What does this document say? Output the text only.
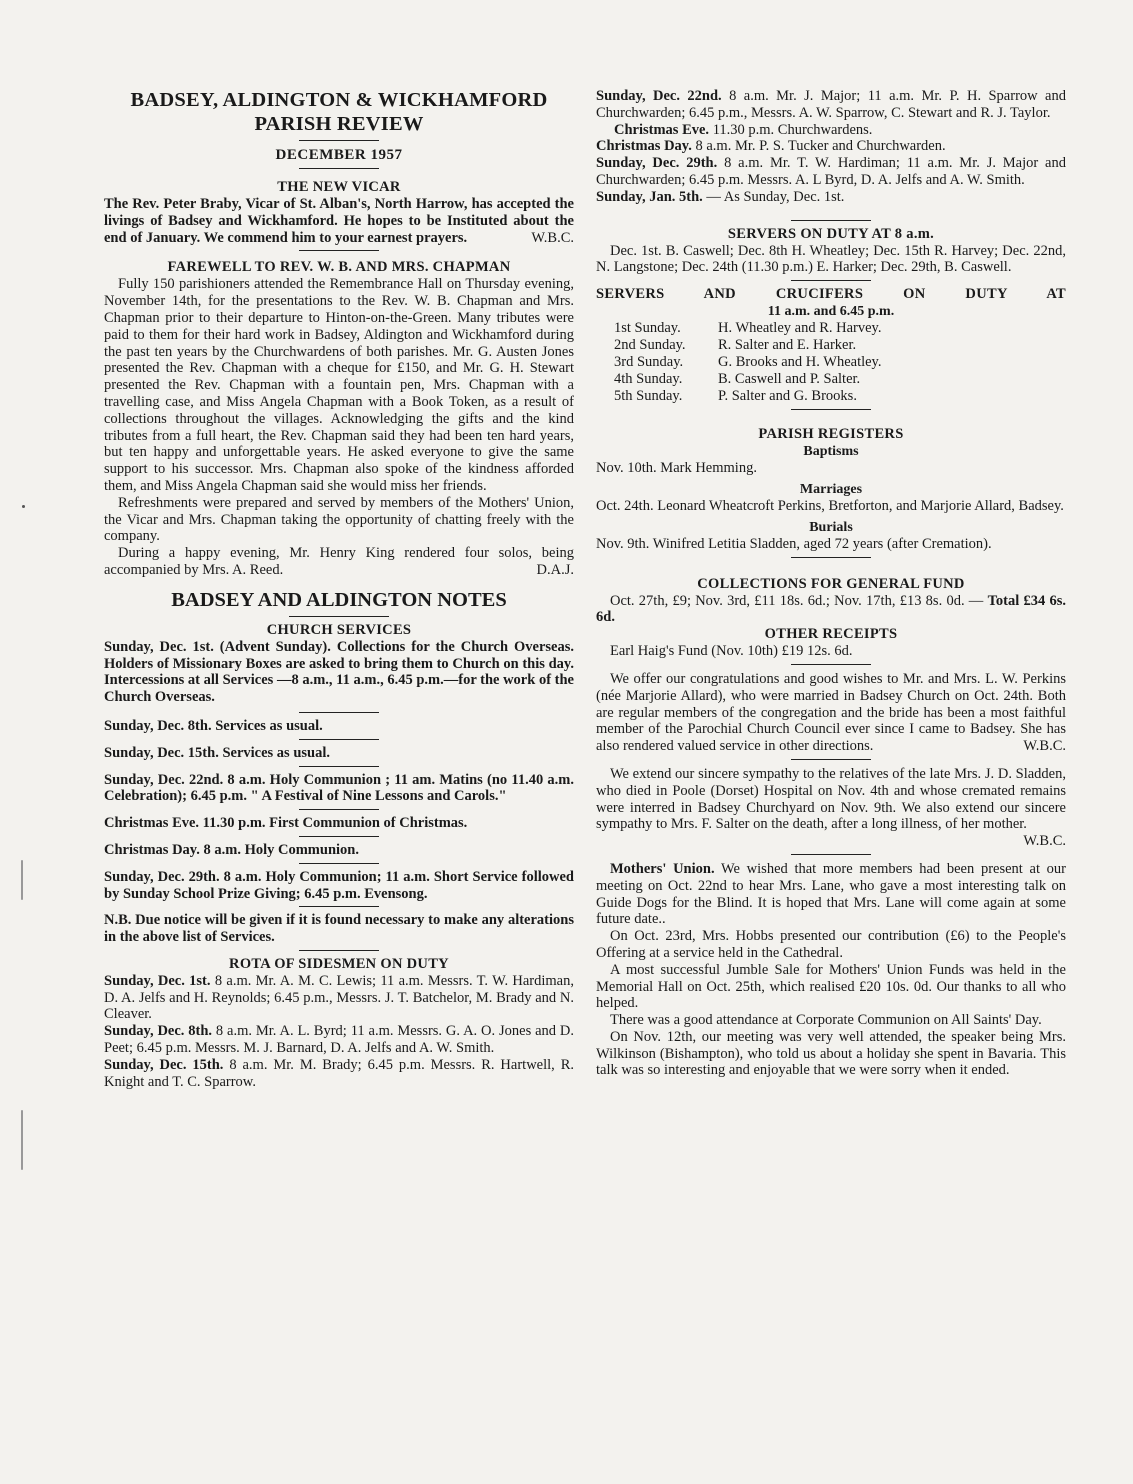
BADSEY, ALDINGTON & WICKHAMFORD
PARISH REVIEW
DECEMBER 1957
THE NEW VICAR

The Rev. Peter Braby, Vicar of St. Alban's, North Harrow, has accepted the livings of Badsey and Wickhamford. He hopes to be Instituted about the end of January. We commend him to your earnest prayers.	W.B.C.

FAREWELL TO REV. W. B. AND MRS. CHAPMAN

Fully 150 parishioners attended the Remembrance Hall on Thursday evening, November 14th, for the presentations to the Rev. W. B. Chapman and Mrs. Chapman prior to their departure to Hinton-on-the-Green. Many tributes were paid to them for their hard work in Badsey, Aldington and Wickhamford during the past ten years by the Churchwardens of both parishes. Mr. G. Austen Jones presented the Rev. Chapman with a cheque for £150, and Mr. G. H. Stewart presented the Rev. Chapman with a fountain pen, Mrs. Chapman with a travelling case, and Miss Angela Chapman with a Book Token, as a result of collections throughout the villages. Acknowledging the gifts and the kind tributes from a full heart, the Rev. Chapman said they had been ten hard years, but ten happy and unforgettable years. He asked everyone to give the same support to his successor. Mrs. Chapman also spoke of the kindness afforded them, and Miss Angela Chapman said she would miss her friends.

Refreshments were prepared and served by members of the Mothers' Union, the Vicar and Mrs. Chapman taking the opportunity of chatting freely with the company.

During a happy evening, Mr. Henry King rendered four solos, being accompanied by Mrs. A. Reed.	D.A.J.

BADSEY AND ALDINGTON NOTES
CHURCH SERVICES

Sunday, Dec. 1st. (Advent Sunday). Collections for the Church Overseas. Holders of Missionary Boxes are asked to bring them to Church on this day. Intercessions at all Services —8 a.m., 11 a.m., 6.45 p.m.—for the work of the Church Overseas.

Sunday, Dec. 8th. Services as usual.

Sunday, Dec. 15th. Services as usual.

Sunday, Dec. 22nd. 8 a.m. Holy Communion ; 11 am. Matins (no 11.40 a.m. Celebration); 6.45 p.m. " A Festival of Nine Lessons and Carols."

Christmas Eve. 11.30 p.m. First Communion of Christmas.

Christmas Day. 8 a.m. Holy Communion.

Sunday, Dec. 29th. 8 a.m. Holy Communion; 11 a.m. Short Service followed by Sunday School Prize Giving; 6.45 p.m. Evensong.

N.B. Due notice will be given if it is found necessary to make any alterations in the above list of Services.

ROTA OF SIDESMEN ON DUTY

Sunday, Dec. 1st. 8 a.m. Mr. A. M. C. Lewis; 11 a.m. Messrs. T. W. Hardiman, D. A. Jelfs and H. Reynolds; 6.45 p.m., Messrs. J. T. Batchelor, M. Brady and N. Cleaver.

Sunday, Dec. 8th. 8 a.m. Mr. A. L. Byrd; 11 a.m. Messrs. G. A. O. Jones and D. Peet; 6.45 p.m. Messrs. M. J. Barnard, D. A. Jelfs and A. W. Smith.

Sunday, Dec. 15th. 8 a.m. Mr. M. Brady; 6.45 p.m. Messrs. R. Hartwell, R. Knight and T. C. Sparrow.

Sunday, Dec. 22nd. 8 a.m. Mr. J. Major; 11 a.m. Mr. P. H. Sparrow and Churchwarden; 6.45 p.m., Messrs. A. W. Sparrow, C. Stewart and R. J. Taylor.

Christmas Eve. 11.30 p.m. Churchwardens.

Christmas Day. 8 a.m. Mr. P. S. Tucker and Churchwarden.

Sunday, Dec. 29th. 8 a.m. Mr. T. W. Hardiman; 11 a.m. Mr. J. Major and Churchwarden; 6.45 p.m. Messrs. A. L Byrd, D. A. Jelfs and A. W. Smith.

Sunday, Jan. 5th. — As Sunday, Dec. 1st.

SERVERS ON DUTY AT 8 a.m.

Dec. 1st. B. Caswell; Dec. 8th H. Wheatley; Dec. 15th R. Harvey; Dec. 22nd, N. Langstone; Dec. 24th (11.30 p.m.) E. Harker; Dec. 29th, B. Caswell.

SERVERS AND CRUCIFERS ON DUTY AT
11 a.m. and 6.45 p.m.
1st Sunday.	H. Wheatley and R. Harvey.
2nd Sunday.	R. Salter and E. Harker.
3rd Sunday.	G. Brooks and H. Wheatley.
4th Sunday.	B. Caswell and P. Salter.
5th Sunday.	P. Salter and G. Brooks.
PARISH REGISTERS
Baptisms

Nov. 10th. Mark Hemming.

Marriages

Oct. 24th. Leonard Wheatcroft Perkins, Bretforton, and Marjorie Allard, Badsey.

Burials

Nov. 9th. Winifred Letitia Sladden, aged 72 years (after Cremation).

COLLECTIONS FOR GENERAL FUND

Oct. 27th, £9; Nov. 3rd, £11 18s. 6d.; Nov. 17th, £13 8s. 0d. — Total £34 6s. 6d.

OTHER RECEIPTS

Earl Haig's Fund (Nov. 10th) £19 12s. 6d.

We offer our congratulations and good wishes to Mr. and Mrs. L. W. Perkins (née Marjorie Allard), who were married in Badsey Church on Oct. 24th. Both are regular members of the congregation and the bride has been a most faithful member of the Parochial Church Council ever since I came to Badsey. She has also rendered valued service in other directions.	W.B.C.

We extend our sincere sympathy to the relatives of the late Mrs. J. D. Sladden, who died in Poole (Dorset) Hospital on Nov. 4th and whose cremated remains were interred in Badsey Churchyard on Nov. 9th. We also extend our sincere sympathy to Mrs. F. Salter on the death, after a long illness, of her mother.
W.B.C.

Mothers' Union. We wished that more members had been present at our meeting on Oct. 22nd to hear Mrs. Lane, who gave a most interesting talk on Guide Dogs for the Blind. It is hoped that Mrs. Lane will come again at some future date..

On Oct. 23rd, Mrs. Hobbs presented our contribution (£6) to the People's Offering at a service held in the Cathedral.

A most successful Jumble Sale for Mothers' Union Funds was held in the Memorial Hall on Oct. 25th, which realised £20 10s. 0d. Our thanks to all who helped.

There was a good attendance at Corporate Communion on All Saints' Day.

On Nov. 12th, our meeting was very well attended, the speaker being Mrs. Wilkinson (Bishampton), who told us about a holiday she spent in Bavaria. This talk was so interesting and enjoyable that we were sorry when it ended.
